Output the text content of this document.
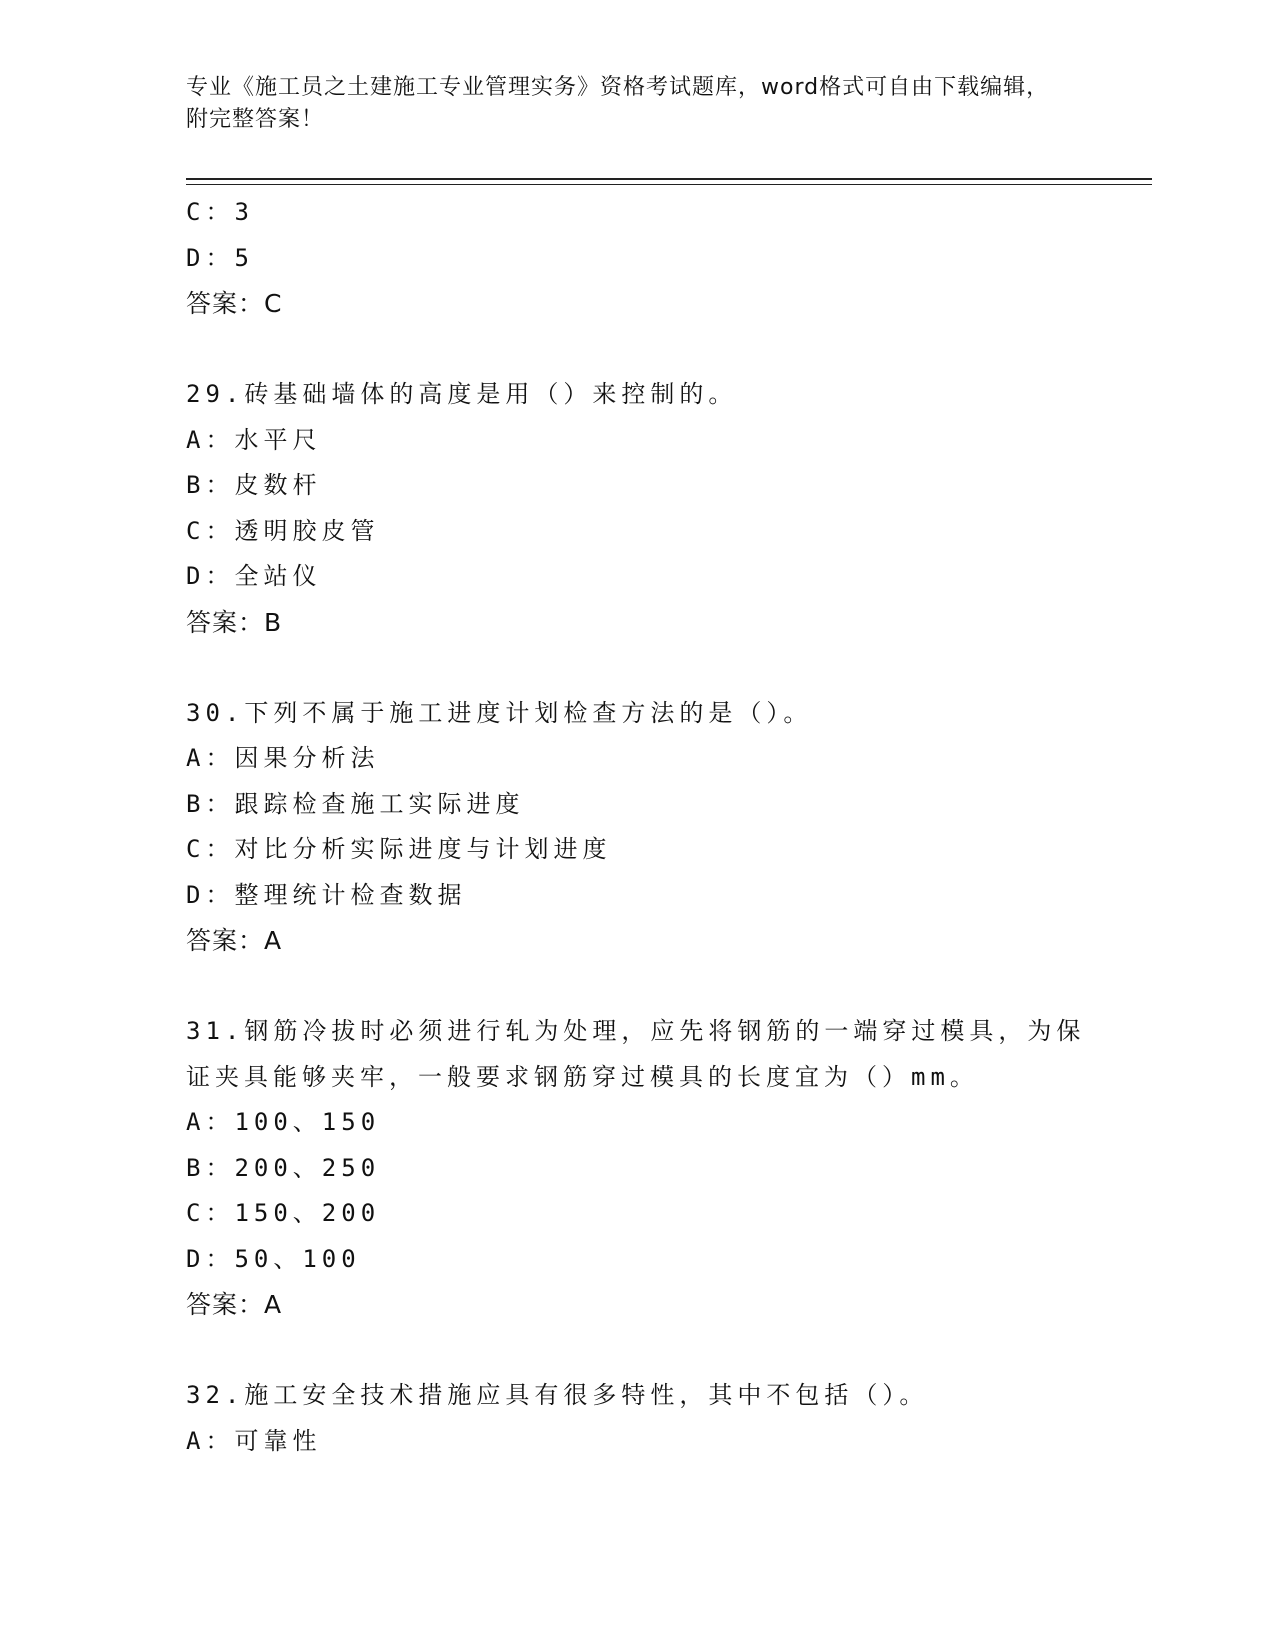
专业《施工员之土建施工专业管理实务》资格考试题库，word格式可自由下载编辑，附完整答案！
C：3
D：5
答案：C
29.砖基础墙体的高度是用（）来控制的。
A：水平尺
B：皮数杆
C：透明胶皮管
D：全站仪
答案：B
30.下列不属于施工进度计划检查方法的是（）。
A：因果分析法
B：跟踪检查施工实际进度
C：对比分析实际进度与计划进度
D：整理统计检查数据
答案：A
31.钢筋冷拔时必须进行轧为处理，应先将钢筋的一端穿过模具，为保证夹具能够夹牢，一般要求钢筋穿过模具的长度宜为（）mm。
A：100、150
B：200、250
C：150、200
D：50、100
答案：A
32.施工安全技术措施应具有很多特性，其中不包括（）。
A：可靠性
